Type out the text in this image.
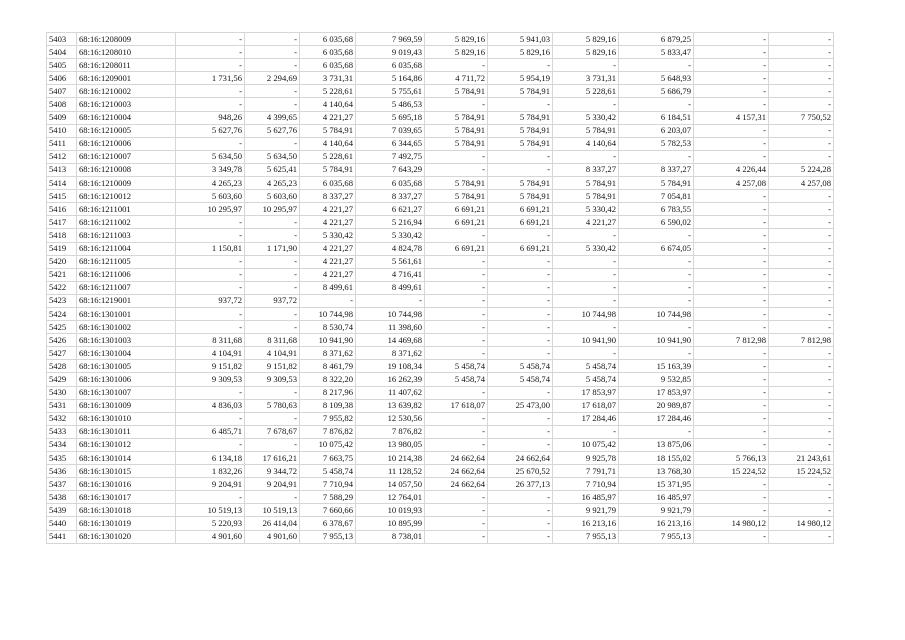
5403	68:16:1208009	-	-	6 035,68	7 969,59	5 829,16	5 941,03	5 829,16	6 879,25	-	-
5404	68:16:1208010	-	-	6 035,68	9 019,43	5 829,16	5 829,16	5 829,16	5 833,47	-	-
5405	68:16:1208011	-	-	6 035,68	6 035,68	-	-	-	-	-	-
5406	68:16:1209001	1 731,56	2 294,69	3 731,31	5 164,86	4 711,72	5 954,19	3 731,31	5 648,93	-	-
5407	68:16:1210002	-	-	5 228,61	5 755,61	5 784,91	5 784,91	5 228,61	5 686,79	-	-
5408	68:16:1210003	-	-	4 140,64	5 486,53	-	-	-	-	-	-
5409	68:16:1210004	948,26	4 399,65	4 221,27	5 695,18	5 784,91	5 784,91	5 330,42	6 184,51	4 157,31	7 750,52
5410	68:16:1210005	5 627,76	5 627,76	5 784,91	7 039,65	5 784,91	5 784,91	5 784,91	6 203,07	-	-
5411	68:16:1210006	-	-	4 140,64	6 344,65	5 784,91	5 784,91	4 140,64	5 782,53	-	-
5412	68:16:1210007	5 634,50	5 634,50	5 228,61	7 492,75	-	-	-	-	-	-
5413	68:16:1210008	3 349,78	5 625,41	5 784,91	7 643,29	-	-	8 337,27	8 337,27	4 226,44	5 224,28
5414	68:16:1210009	4 265,23	4 265,23	6 035,68	6 035,68	5 784,91	5 784,91	5 784,91	5 784,91	4 257,08	4 257,08
5415	68:16:1210012	5 603,60	5 603,60	8 337,27	8 337,27	5 784,91	5 784,91	5 784,91	7 054,81	-	-
5416	68:16:1211001	10 295,97	10 295,97	4 221,27	6 621,27	6 691,21	6 691,21	5 330,42	6 783,55	-	-
5417	68:16:1211002	-	-	4 221,27	5 216,94	6 691,21	6 691,21	4 221,27	6 590,02	-	-
5418	68:16:1211003	-	-	5 330,42	5 330,42	-	-	-	-	-	-
5419	68:16:1211004	1 150,81	1 171,90	4 221,27	4 824,78	6 691,21	6 691,21	5 330,42	6 674,05	-	-
5420	68:16:1211005	-	-	4 221,27	5 561,61	-	-	-	-	-	-
5421	68:16:1211006	-	-	4 221,27	4 716,41	-	-	-	-	-	-
5422	68:16:1211007	-	-	8 499,61	8 499,61	-	-	-	-	-	-
5423	68:16:1219001	937,72	937,72	-	-	-	-	-	-	-	-
5424	68:16:1301001	-	-	10 744,98	10 744,98	-	-	10 744,98	10 744,98	-	-
5425	68:16:1301002	-	-	8 530,74	11 398,60	-	-	-	-	-	-
5426	68:16:1301003	8 311,68	8 311,68	10 941,90	14 469,68	-	-	10 941,90	10 941,90	7 812,98	7 812,98
5427	68:16:1301004	4 104,91	4 104,91	8 371,62	8 371,62	-	-	-	-	-	-
5428	68:16:1301005	9 151,82	9 151,82	8 461,79	19 108,34	5 458,74	5 458,74	5 458,74	15 163,39	-	-
5429	68:16:1301006	9 309,53	9 309,53	8 322,20	16 262,39	5 458,74	5 458,74	5 458,74	9 532,85	-	-
5430	68:16:1301007	-	-	8 217,96	11 407,62	-	-	17 853,97	17 853,97	-	-
5431	68:16:1301009	4 836,03	5 780,63	8 109,38	13 639,82	17 618,07	25 473,00	17 618,07	20 989,87	-	-
5432	68:16:1301010	-	-	7 955,82	12 530,56	-	-	17 284,46	17 284,46	-	-
5433	68:16:1301011	6 485,71	7 678,67	7 876,82	7 876,82	-	-	-	-	-	-
5434	68:16:1301012	-	-	10 075,42	13 980,05	-	-	10 075,42	13 875,06	-	-
5435	68:16:1301014	6 134,18	17 616,21	7 663,75	10 214,38	24 662,64	24 662,64	9 925,78	18 155,02	5 766,13	21 243,61
5436	68:16:1301015	1 832,26	9 344,72	5 458,74	11 128,52	24 662,64	25 670,52	7 791,71	13 768,30	15 224,52	15 224,52
5437	68:16:1301016	9 204,91	9 204,91	7 710,94	14 057,50	24 662,64	26 377,13	7 710,94	15 371,95	-	-
5438	68:16:1301017	-	-	7 588,29	12 764,01	-	-	16 485,97	16 485,97	-	-
5439	68:16:1301018	10 519,13	10 519,13	7 660,66	10 019,93	-	-	9 921,79	9 921,79	-	-
5440	68:16:1301019	5 220,93	26 414,04	6 378,67	10 895,99	-	-	16 213,16	16 213,16	14 980,12	14 980,12
5441	68:16:1301020	4 901,60	4 901,60	7 955,13	8 738,01	-	-	7 955,13	7 955,13	-	-
